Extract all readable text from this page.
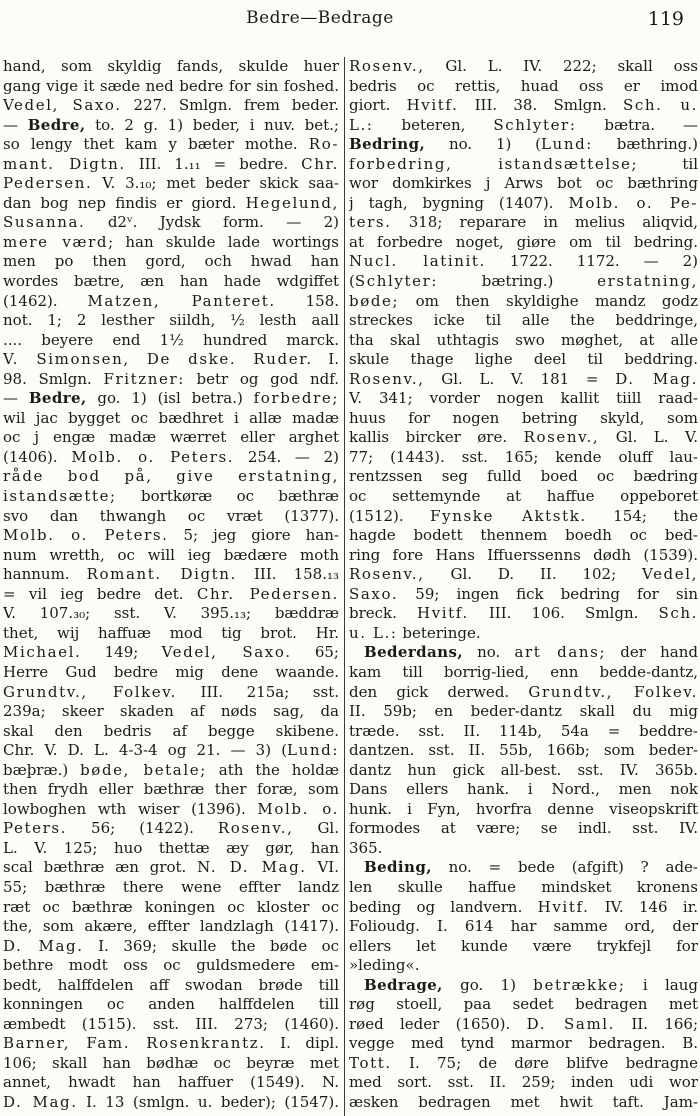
Bedre—Bedrage	119
hand, som skyldig fands, skulde huer
gang vige it sæde ned bedre for sin foshed.
Vedel, Saxo. 227. Smlgn. frem beder.
— Bedre, to. 2 g. 1) beder, i nuv. bet.;
so lengy thet kam y bæter mothe. Ro-
mant. Digtn. III. 1.₁₁ = bedre. Chr.
Pedersen. V. 3.₁₀; met beder skick saa-
dan bog nep findis er giord. Hegelund,
Susanna. d2ᵛ. Jydsk form. — 2)
mere værd; han skulde lade wortings
men po then gord, och hwad han
wordes bætre, æn han hade wdgiffet
(1462). Matzen, Panteret. 158.
not. 1; 2 lesther siildh, ½ lesth aall
.... beyere end 1½ hundred marck.
V. Simonsen, De dske. Ruder. I.
98. Smlgn. Fritzner: betr og god ndf.
— Bedre, go. 1) (isl betra.) forbedre;
wil jac bygget oc bædhret i allæ madæ
oc j engæ madæ wærret eller arghet
(1406). Molb. o. Peters. 254. — 2)
råde bod på, give erstatning,
istandsætte; bortkøræ oc bæthræ
svo dan thwangh oc vræt (1377).
Molb. o. Peters. 5; jeg giore han-
num wretth, oc will ieg bædære moth
hannum. Romant. Digtn. III. 158.₁₃
= vil ieg bedre det. Chr. Pedersen.
V. 107.₃₀; sst. V. 395.₁₃; bæddræ
thet, wij haffuæ mod tig brot. Hr.
Michael. 149; Vedel, Saxo. 65;
Herre Gud bedre mig dene waande.
Grundtv., Folkev. III. 215a; sst.
239a; skeer skaden af nøds sag, da
skal den bedris af begge skibene.
Chr. V. D. L. 4-3-4 og 21. — 3) (Lund:
bæþræ.) bøde, betale; ath the holdæ
then frydh eller bæthræ ther foræ, som
lowboghen wth wiser (1396). Molb. o.
Peters. 56; (1422). Rosenv., Gl.
L. V. 125; huo thettæ æy gør, han
scal bæthræ æn grot. N. D. Mag. VI.
55; bæthræ there wene effter landz
ræt oc bæthræ koningen oc kloster oc
the, som akære, effter landzlagh (1417).
D. Mag. I. 369; skulle the bøde oc
bethre modt oss oc guldsmedere em-
bedt, halffdelen aff swodan brøde till
konningen oc anden halffdelen till
æmbedt (1515). sst. III. 273; (1460).
Barner, Fam. Rosenkrantz. I. dipl.
106; skall han bødhæ oc beyræ met
annet, hwadt han haffuer (1549). N.
D. Mag. I. 13 (smlgn. u. beder); (1547).
Rosenv., Gl. L. IV. 222; skall oss
bedris oc rettis, huad oss er imod
giort. Hvitf. III. 38. Smlgn. Sch. u.
L.: beteren, Schlyter: bætra. —
Bedring, no. 1) (Lund: bæthring.)
forbedring, istandsættelse; til
wor domkirkes j Arws bot oc bæthring
j tagh, bygning (1407). Molb. o. Pe-
ters. 318; reparare in melius aliqvid,
at forbedre noget, giøre om til bedring.
Nucl. latinit. 1722. 1172. — 2)
(Schlyter: bætring.) erstatning,
bøde; om then skyldighe mandz godz
streckes icke til alle the beddringe,
tha skal uthtagis swo møghet, at alle
skule thage lighe deel til beddring.
Rosenv., Gl. L. V. 181 = D. Mag.
V. 341; vorder nogen kallit tiill raad-
huus for nogen betring skyld, som
kallis bircker øre. Rosenv., Gl. L. V.
77; (1443). sst. 165; kende oluff lau-
rentzssen seg fulld boed oc bædring
oc settemynde at haffue oppeboret
(1512). Fynske Aktstk. 154; the
hagde bodett thennem boedh oc bed-
ring fore Hans Iffuerssenns dødh (1539).
Rosenv., Gl. D. II. 102; Vedel,
Saxo. 59; ingen fick bedring for sin
breck. Hvitf. III. 106. Smlgn. Sch.
u. L.: beteringe.
Bederdans, no. art dans; der hand
kam till borrig-lied, enn bedde-dantz,
den gick derwed. Grundtv., Folkev.
II. 59b; en beder-dantz skall du mig
træde. sst. II. 114b, 54a = beddre-
dantzen. sst. II. 55b, 166b; som beder-
dantz hun gick all-best. sst. IV. 365b.
Dans ellers hank. i Nord., men nok
hunk. i Fyn, hvorfra denne viseopskrift
formodes at være; se indl. sst. IV.
365.
Beding, no. = bede (afgift) ? ade-
len skulle haffue mindsket kronens
beding og landvern. Hvitf. IV. 146 ir.
Folioudg. I. 614 har samme ord, der
ellers let kunde være trykfejl for
»leding«.
Bedrage, go. 1) betrække; i laug
røg stoell, paa sedet bedragen met
røed leder (1650). D. Saml. II. 166;
vegge med tynd marmor bedragen. B.
Tott. I. 75; de døre blifve bedragne
med sort. sst. II. 259; inden udi wor
æsken bedragen met hwit taft. Jam-
